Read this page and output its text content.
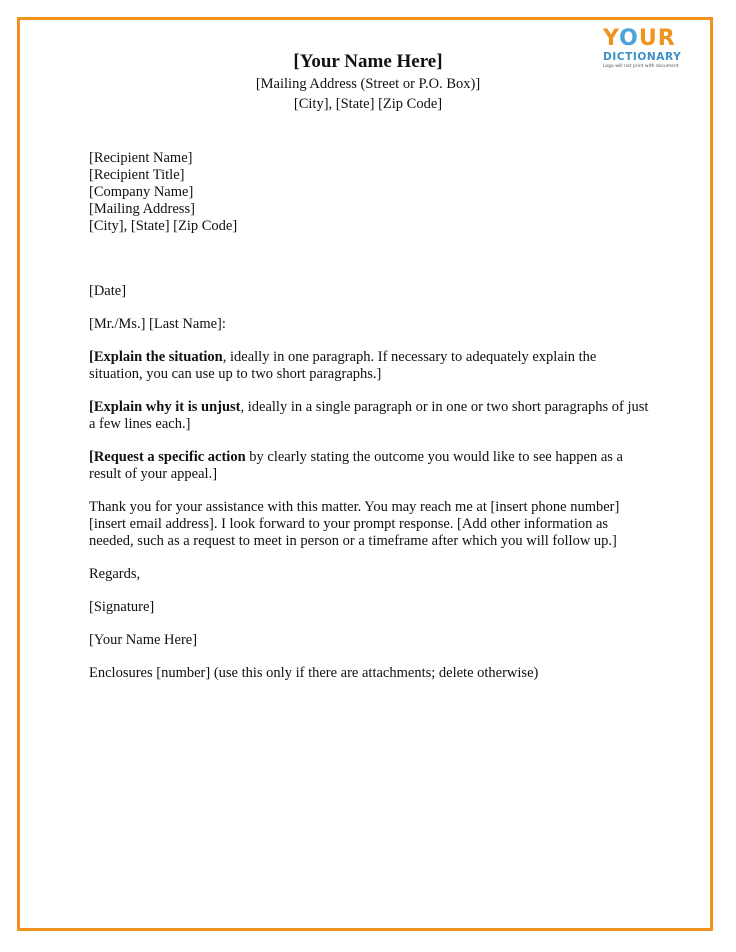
YOUR
DICTIONARY
Logo will not print with document
[Your Name Here]
[Mailing Address (Street or P.O. Box)]
[City], [State] [Zip Code]

[Recipient Name]

[Recipient Title]

[Company Name]

[Mailing Address]

[City], [State] [Zip Code]

[Date]

[Mr./Ms.] [Last Name]:

[Explain the situation, ideally in one paragraph. If necessary to adequately explain the situation, you can use up to two short paragraphs.]

[Explain why it is unjust, ideally in a single paragraph or in one or two short paragraphs of just a few lines each.]

[Request a specific action by clearly stating the outcome you would like to see happen as a result of your appeal.]

Thank you for your assistance with this matter. You may reach me at [insert phone number] [insert email address]. I look forward to your prompt response. [Add other information as needed, such as a request to meet in person or a timeframe after which you will follow up.]

Regards,

[Signature]

[Your Name Here]

Enclosures [number] (use this only if there are attachments; delete otherwise)
